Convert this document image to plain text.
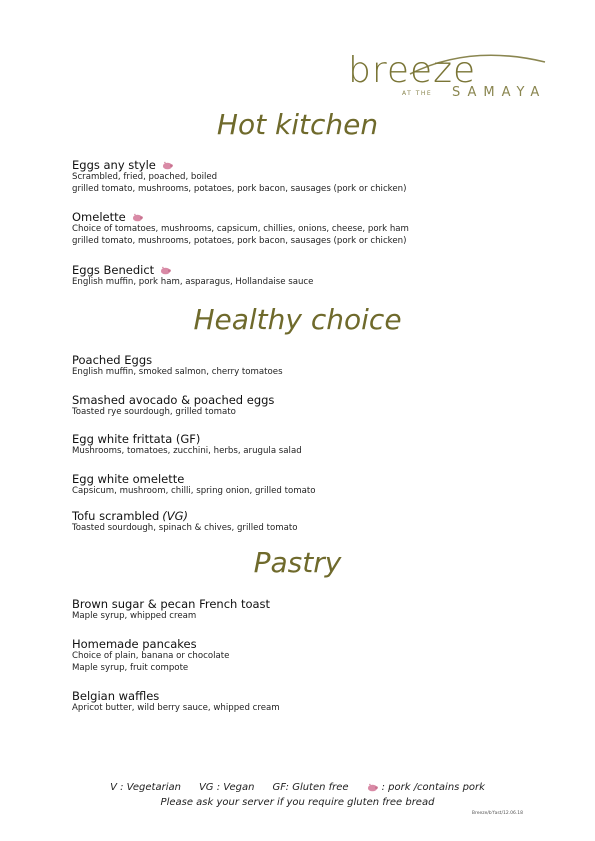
breeze
AT THE SAMAYA
Hot kitchen
Eggs any style
Scrambled, fried, poached, boiled
grilled tomato, mushrooms, potatoes, pork bacon, sausages (pork or chicken)
Omelette
Choice of tomatoes, mushrooms, capsicum, chillies, onions, cheese, pork ham
grilled tomato, mushrooms, potatoes, pork bacon, sausages (pork or chicken)
Eggs Benedict
English muffin, pork ham, asparagus, Hollandaise sauce
Healthy choice
Poached Eggs
English muffin, smoked salmon, cherry tomatoes
Smashed avocado & poached eggs
Toasted rye sourdough, grilled tomato
Egg white frittata (GF)
Mushrooms, tomatoes, zucchini, herbs, arugula salad
Egg white omelette
Capsicum, mushroom, chilli, spring onion, grilled tomato
Tofu scrambled (VG)
Toasted sourdough, spinach & chives, grilled tomato
Pastry
Brown sugar & pecan French toast
Maple syrup, whipped cream
Homemade pancakes
Choice of plain, banana or chocolate
Maple syrup, fruit compote
Belgian waffles
Apricot butter, wild berry sauce, whipped cream
V : Vegetarian VG : Vegan GF: Gluten free	: pork /contains pork
Please ask your server if you require gluten free bread
Breeze/b'fast/12.06.18
